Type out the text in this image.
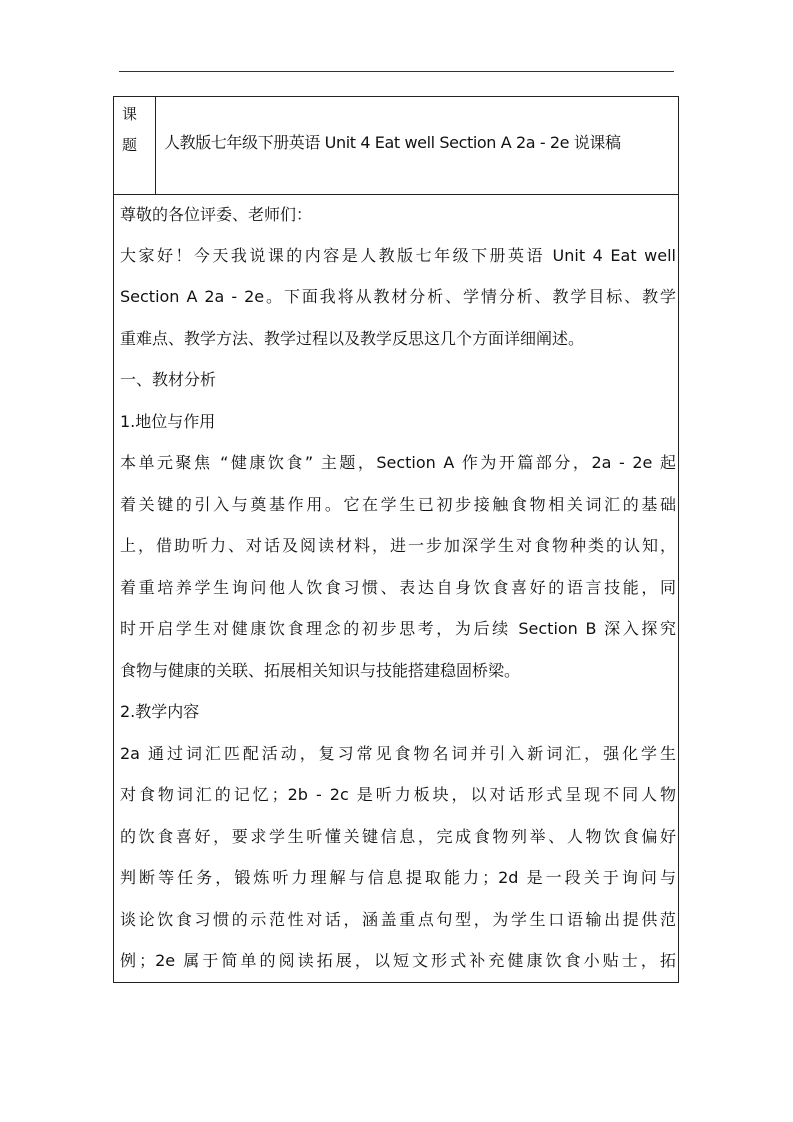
课
题 人教版七年级下册英语 Unit 4 Eat well Section A 2a - 2e 说课稿
尊敬的各位评委、老师们：
大家好！今天我说课的内容是人教版七年级下册英语 Unit 4 Eat well
Section A 2a - 2e。下面我将从教材分析、学情分析、教学目标、教学
重难点、教学方法、教学过程以及教学反思这几个方面详细阐述。
一、教材分析
1.地位与作用
本单元聚焦 “健康饮食” 主题，Section A 作为开篇部分，2a - 2e 起
着关键的引入与奠基作用。它在学生已初步接触食物相关词汇的基础
上，借助听力、对话及阅读材料，进一步加深学生对食物种类的认知，
着重培养学生询问他人饮食习惯、表达自身饮食喜好的语言技能，同
时开启学生对健康饮食理念的初步思考，为后续 Section B 深入探究
食物与健康的关联、拓展相关知识与技能搭建稳固桥梁。
2.教学内容
2a 通过词汇匹配活动，复习常见食物名词并引入新词汇，强化学生
对食物词汇的记忆；2b - 2c 是听力板块，以对话形式呈现不同人物
的饮食喜好，要求学生听懂关键信息，完成食物列举、人物饮食偏好
判断等任务，锻炼听力理解与信息提取能力；2d 是一段关于询问与
谈论饮食习惯的示范性对话，涵盖重点句型，为学生口语输出提供范
例；2e 属于简单的阅读拓展，以短文形式补充健康饮食小贴士，拓
